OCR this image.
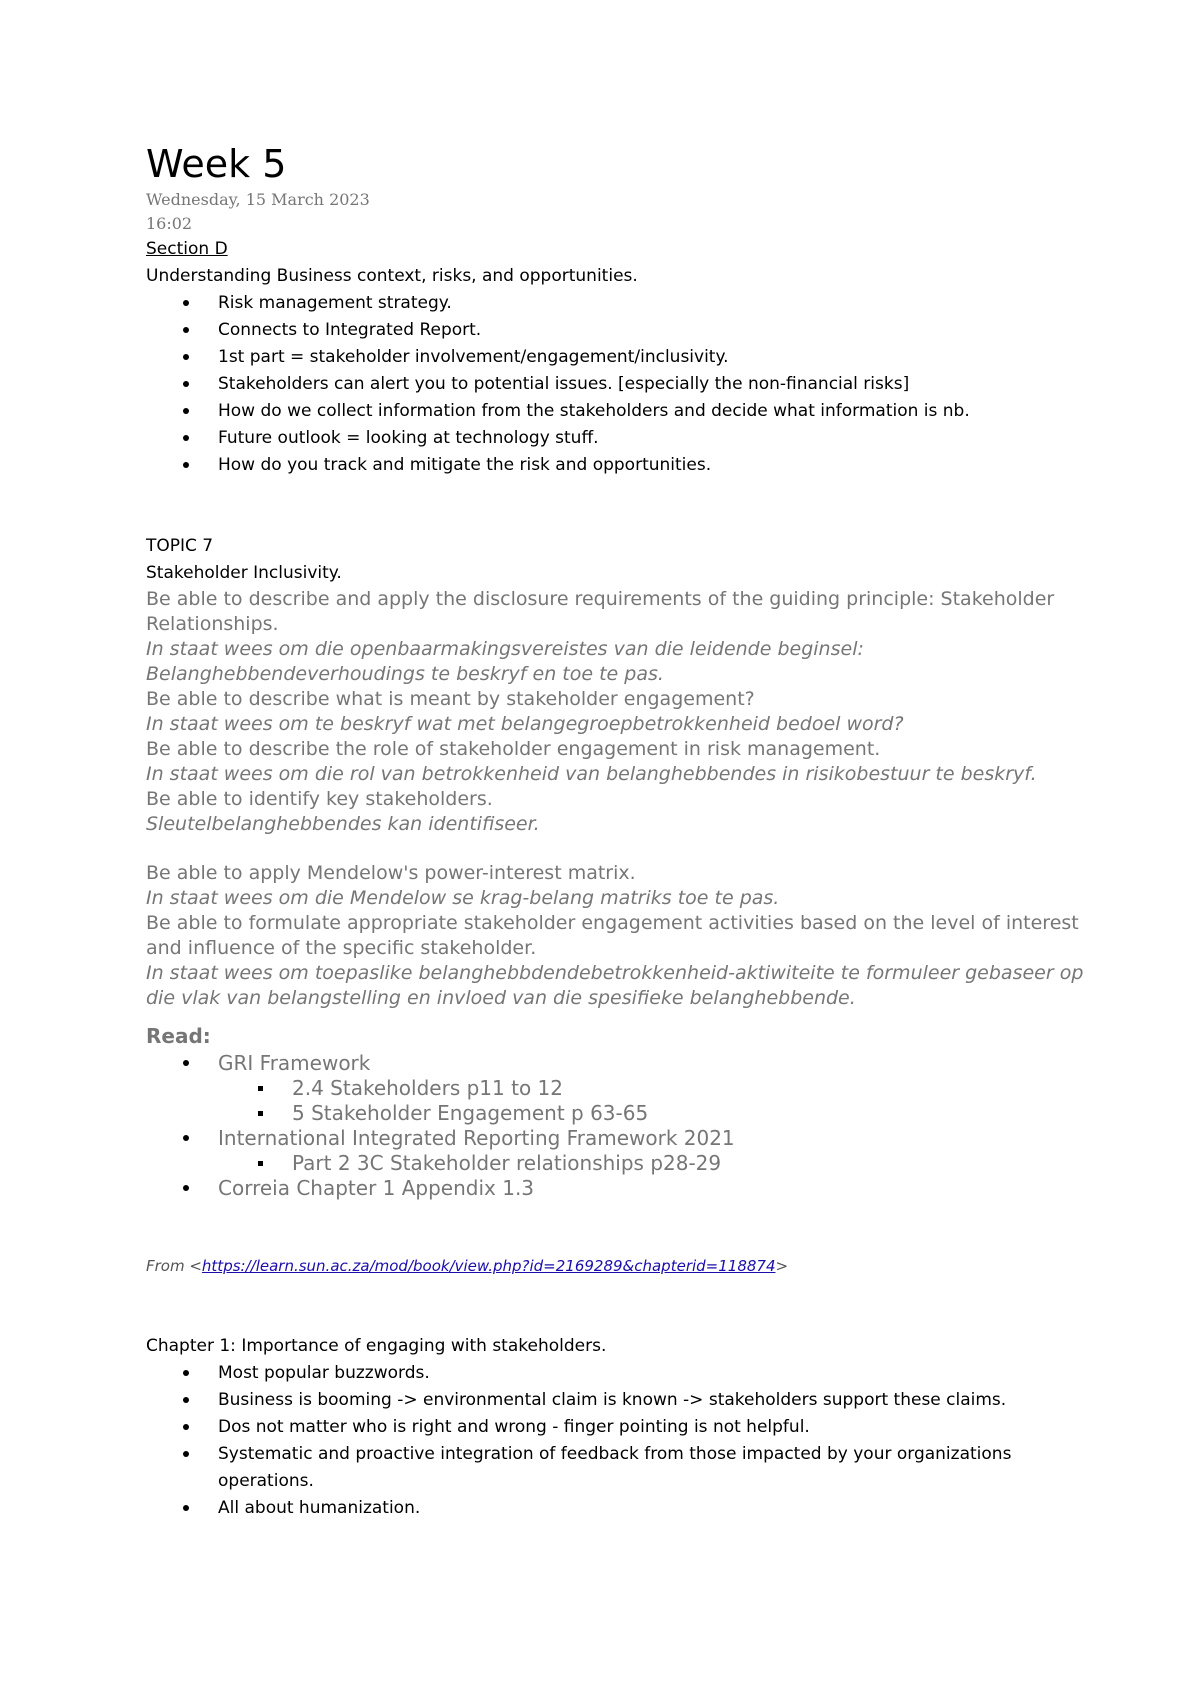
Week 5
Wednesday, 15 March 2023
16:02
Section D
Understanding Business context, risks, and opportunities.
Risk management strategy.
Connects to Integrated Report.
1st part = stakeholder involvement/engagement/inclusivity.
Stakeholders can alert you to potential issues. [especially the non-financial risks]
How do we collect information from the stakeholders and decide what information is nb.
Future outlook = looking at technology stuff.
How do you track and mitigate the risk and opportunities.
TOPIC 7
Stakeholder Inclusivity.
Be able to describe and apply the disclosure requirements of the guiding principle: Stakeholder Relationships.
In staat wees om die openbaarmakingsvereistes van die leidende beginsel: Belanghebbendeverhoudings te beskryf en toe te pas.
Be able to describe what is meant by stakeholder engagement?
In staat wees om te beskryf wat met belangegroepbetrokkenheid bedoel word?
Be able to describe the role of stakeholder engagement in risk management.
In staat wees om die rol van betrokkenheid van belanghebbendes in risikobestuur te beskryf.
Be able to identify key stakeholders.
Sleutelbelanghebbendes kan identifiseer.
Be able to apply Mendelow's power-interest matrix.
In staat wees om die Mendelow se krag-belang matriks toe te pas.
Be able to formulate appropriate stakeholder engagement activities based on the level of interest and influence of the specific stakeholder.
In staat wees om toepaslike belanghebbdendebetrokkenheid-aktiwiteite te formuleer gebaseer op die vlak van belangstelling en invloed van die spesifieke belanghebbende.
Read:
GRI Framework
2.4 Stakeholders p11 to 12
5 Stakeholder Engagement p 63-65
International Integrated Reporting Framework 2021
Part 2 3C Stakeholder relationships p28-29
Correia Chapter 1 Appendix 1.3
From <https://learn.sun.ac.za/mod/book/view.php?id=2169289&chapterid=118874>
Chapter 1: Importance of engaging with stakeholders.
Most popular buzzwords.
Business is booming -> environmental claim is known -> stakeholders support these claims.
Dos not matter who is right and wrong - finger pointing is not helpful.
Systematic and proactive integration of feedback from those impacted by your organizations operations.
All about humanization.
